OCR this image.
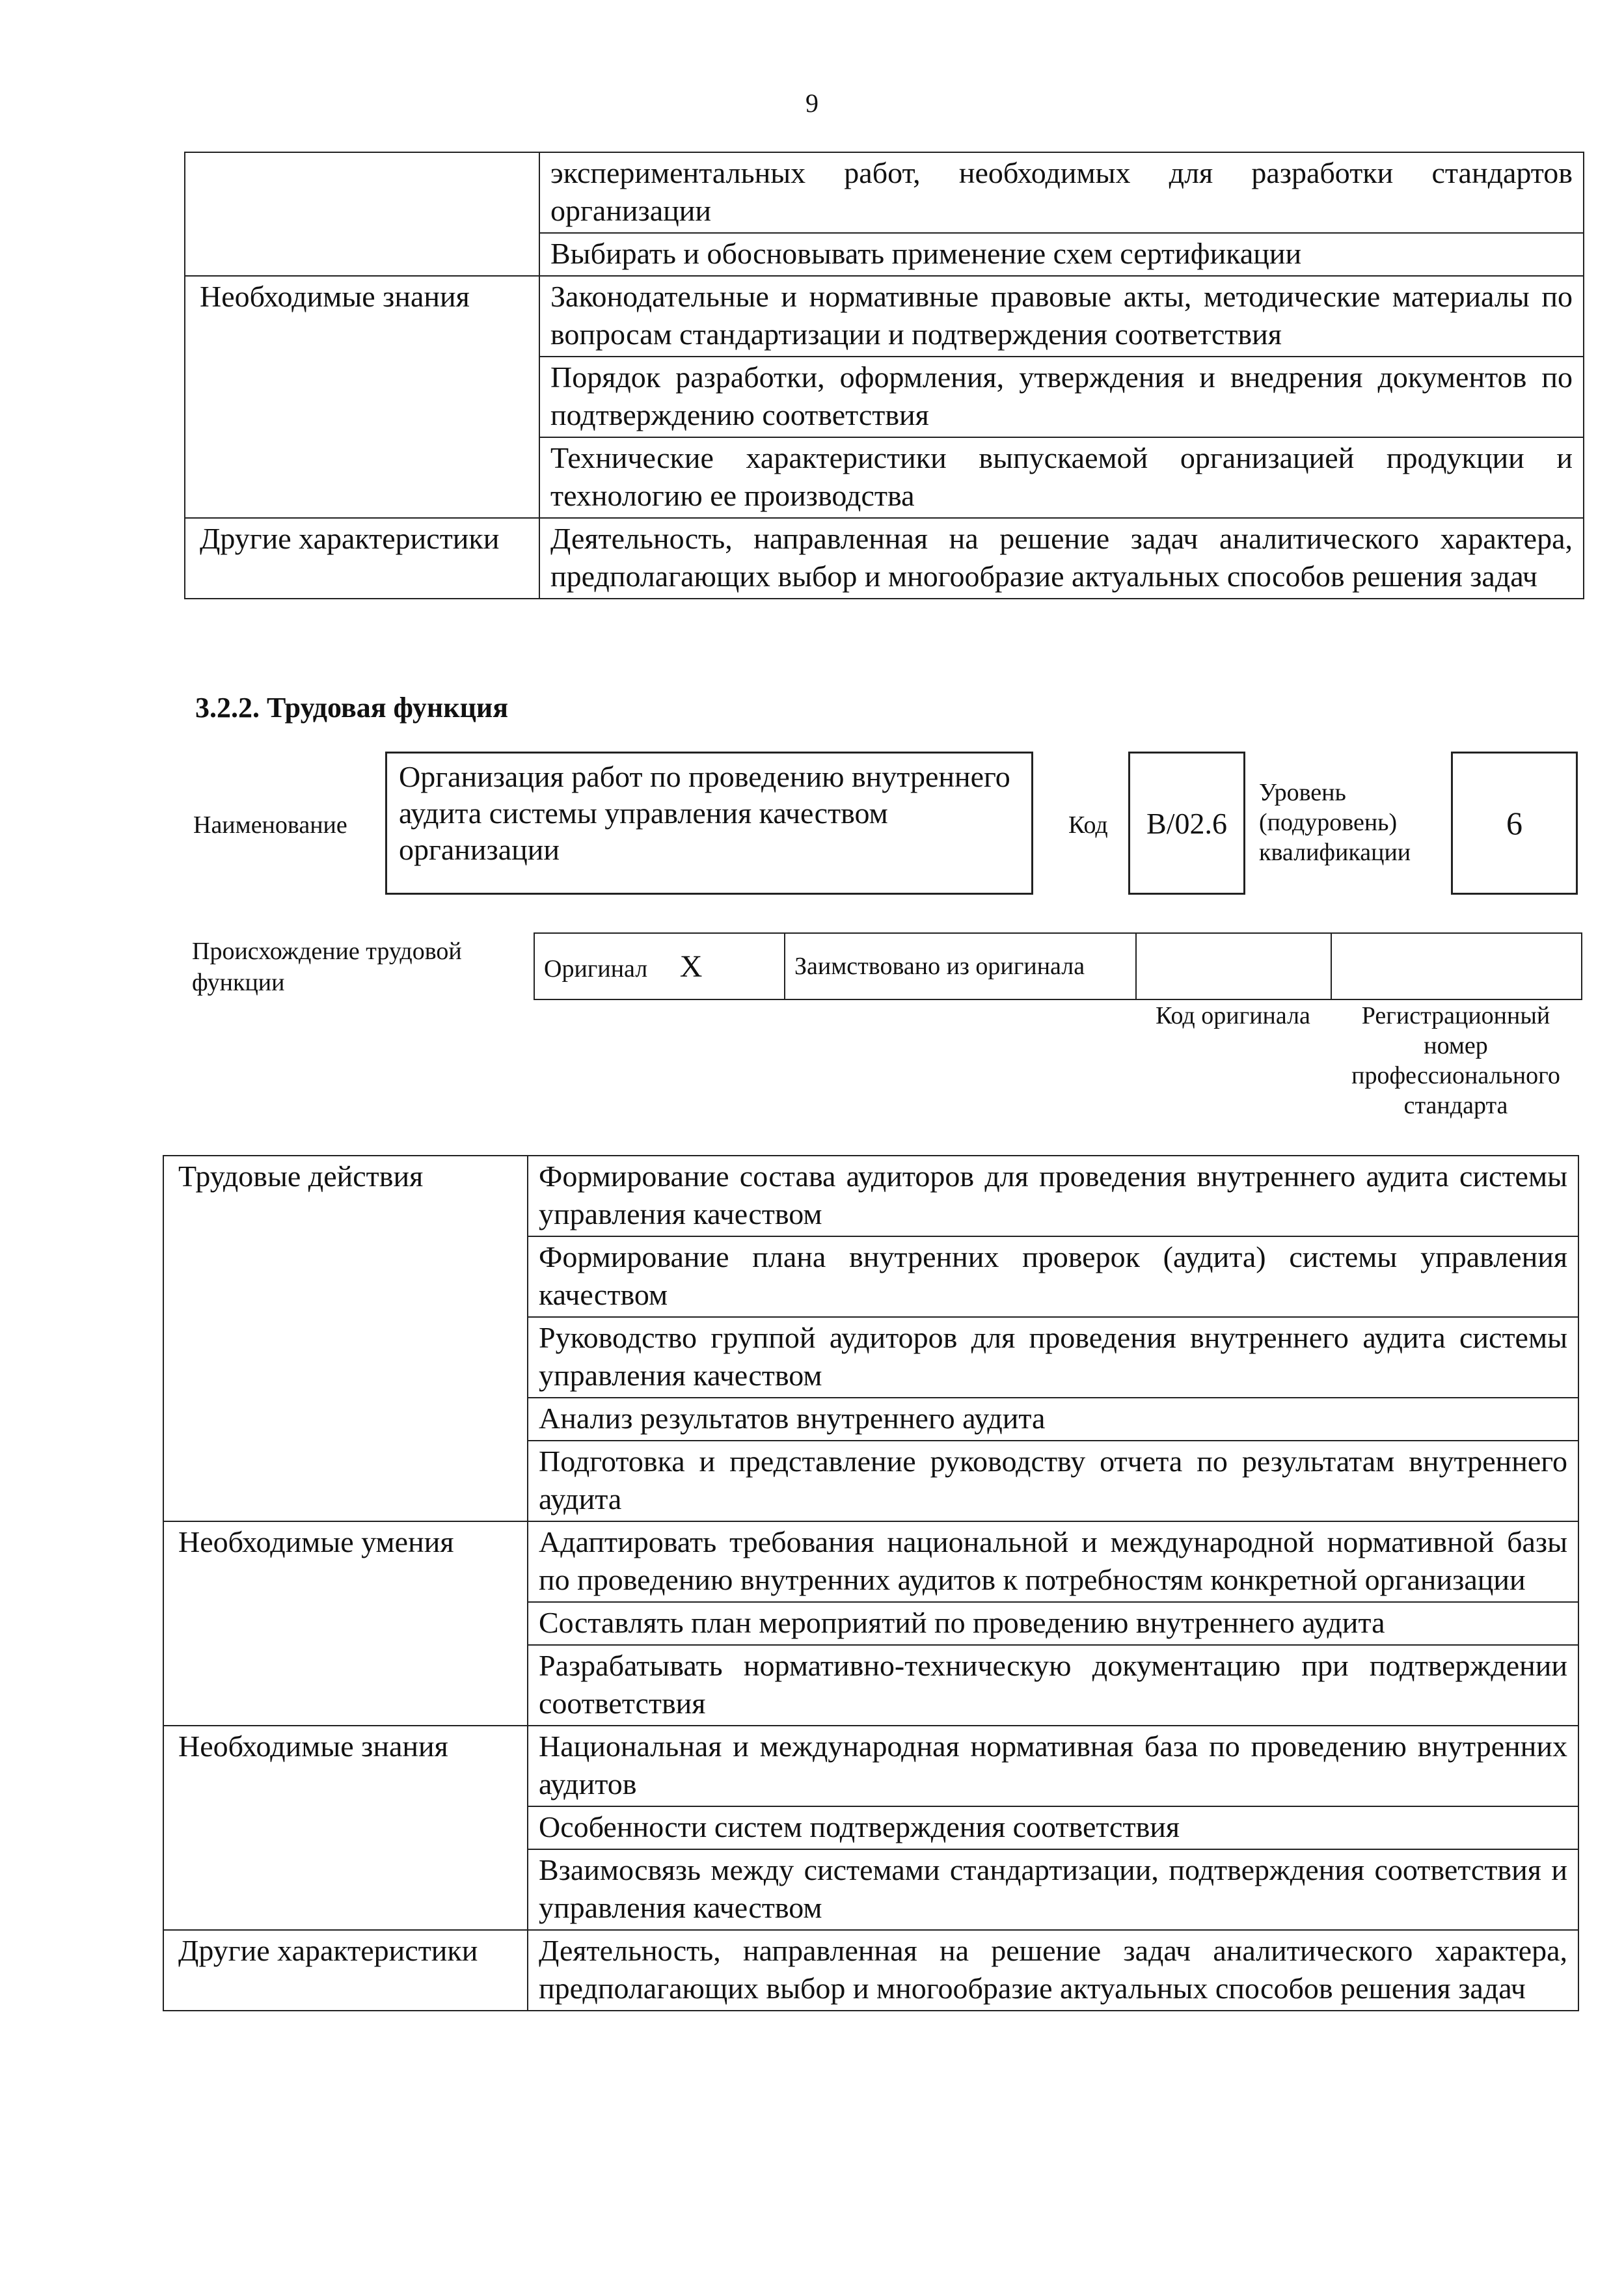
9
	экспериментальных работ, необходимых для разработки стандартов организации
	Выбирать и обосновывать применение схем сертификации
Необходимые знания	Законодательные и нормативные правовые акты, методические материалы по вопросам стандартизации и подтверждения соответствия
	Порядок разработки, оформления, утверждения и внедрения документов по подтверждению соответствия
	Технические характеристики выпускаемой организацией продукции и технологию ее производства
Другие характеристики	Деятельность, направленная на решение задач аналитического характера, предполагающих выбор и многообразие актуальных способов решения задач
3.2.2. Трудовая функция
Наименование
Организация работ по проведению внутреннего аудита системы управления качеством организации
Код	B/02.6
Уровень (подуровень) квалификации
6
Происхождение трудовой функции
Оригинал X	Заимствовано из оригинала		
Код оригинала	Регистрационный номер профессионального стандарта
Трудовые действия	Формирование состава аудиторов для проведения внутреннего аудита системы управления качеством
	Формирование плана внутренних проверок (аудита) системы управления качеством
	Руководство группой аудиторов для проведения внутреннего аудита системы управления качеством
	Анализ результатов внутреннего аудита
	Подготовка и представление руководству отчета по результатам внутреннего аудита
Необходимые умения	Адаптировать требования национальной и международной нормативной базы по проведению внутренних аудитов к потребностям конкретной организации
	Составлять план мероприятий по проведению внутреннего аудита
	Разрабатывать нормативно-техническую документацию при подтверждении соответствия
Необходимые знания	Национальная и международная нормативная база по проведению внутренних аудитов
	Особенности систем подтверждения соответствия
	Взаимосвязь между системами стандартизации, подтверждения соответствия и управления качеством
Другие характеристики	Деятельность, направленная на решение задач аналитического характера, предполагающих выбор и многообразие актуальных способов решения задач
